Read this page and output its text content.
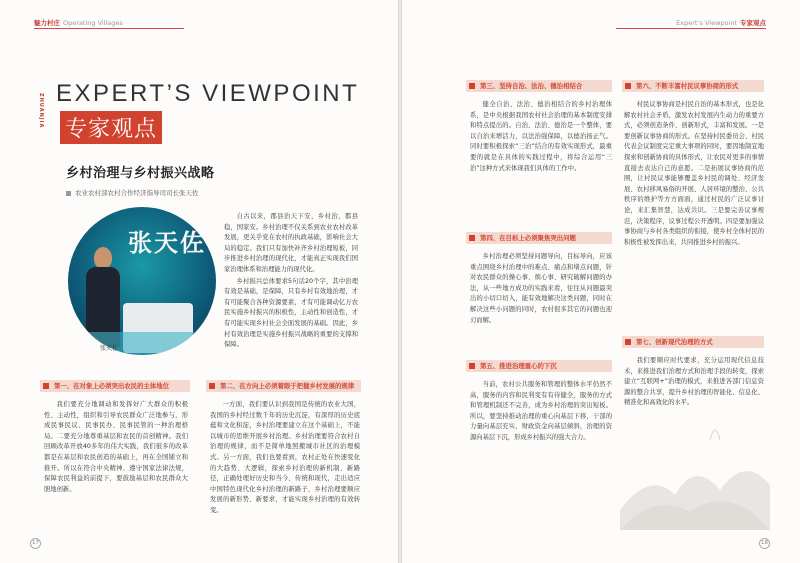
魅力村庄 Operating Villages	Expert’s Viewpoint 专家观点
ZHUANJIA EXPERT’S VIEWPOINT
专家观点
乡村治理与乡村振兴战略
农业农村部农村合作经济指导司司长张天佐
张天佐
张天佐

自古以来，郡县治天下安，乡村治，郡县稳，国家安。乡村治理不仅关系到农业农村改革发展，更关乎党在农村的执政基础，影响社会大局的稳定。我们只有加快补齐乡村治理短板，同步推进乡村治理的现代化，才能真正实现我们国家治理体系和治理能力的现代化。

乡村振兴总体要求5句话20个字，其中治理有效是基础，是保障，只有乡村有效地治理，才有可能聚合各种资源要素，才有可能调动亿万农民实施乡村振兴的积极性，主动性和创造性，才有可能实现乡村社会全面发展的基础。因此，乡村有效治理是实施乡村振兴战略的重要的支撑和保障。

第一、在对象上必须突出农民的主体地位

我们要充分地调动和发挥好广大群众的积极性、主动性，组织和引导农民群众广泛地参与，形成民事民议、民事民办、民事民管的一种治理格局。二要充分地尊重基层和农民的首创精神。我们回顾改革开放40多年的伟大实践，我们很多的改革都是在基层和农民创造的基础上，再在全国铺立和推开。所以在符合中央精神、遵守国家法律法规，保障农民利益的前提下，要鼓励基层和农民群众大胆地创新。

第二、在方向上必须着眼于把握乡村发展的规律

一方面，我们要认识到我国是传统的农业大国，我国的乡村经过数千年的历史沉淀，有深厚的历史底蕴和文化积淀，乡村治理要建立在这个基础上，不能以城市的思维开展乡村治理。乡村治理要符合农村自治理的规律，而不是简单地照搬城市社区的治理模式。另一方面，我们也要看到，农村正处在快速变化的大趋势、大逻辑，探索乡村治理的新机制、新路径，正确处理好历史和当今、传统和现代，走出适应中国特色现代化乡村治理的新路子，乡村治理要顺应发展的新形势、新要求，才能实现乡村治理的有效转变。

第三、坚持自治、法治、德治相结合

健全自治、法治、德治相结合的乡村治理体系，是中央根据我国农村社会治理的基本制度安排和特点提出的。自治、法治、德治是一个整体，要以自治来增活力，以法治强保障，以德治扬正气。同时要积极探索“三治”结合的有效实现形式，最重要的就是在具体的实践过程中，将综合运用“三治”这种方式来体现我们具体的工作中。

第四、在目标上必须聚焦突出问题

乡村治理必须坚持问题导向，目标导向，应该重点围绕乡村治理中的难点、痛点和堵点问题，针对农民群众的操心事、烦心事、研究破解问题的办法，从一些地方成功的实践来看，往往从问题最突出的小切口切入，能有效地解决这类问题，同时在解决这些小问题的同时，农村很多其它的问题也迎刃而解。

第五、推进治理重心的下沉

当前，农村公共服务和管理的整体水平仍然不高，服务的内容和民利变有有待健全，服务的方式和管理机制还不完善，成为乡村治理的突出短板。所以，要坚持推动治理的重心向基层下移，干部的力量向基层充实，财政资金向基层倾斜，治理的资源向基层下沉，形成乡村振兴的强大合力。

第六、不断丰富村民议事协商的形式

村民议事协商是村民自治的基本形式，也是化解农村社会矛盾，激发农村发展内生动力的重要方式，必须创造条件、创新形式，丰富和发展。一是要创新议事协商的形式。在坚持村民委员会、村民代表会议制度完定重大事项的同时，要因地制宜地探索和创新协商的具体形式，让农民对更多的事情直接去表达自己的意愿。二是拓展议事协商的范围，让村民议事能够覆盖乡村民的调处、经济发展、农村移风易俗的开展、人居环境的整治、公共秩序的维护等方方面面，通过村民的广泛议事讨论，来汇集智慧，达成共识。三是要完善议事规范，决策程序，议事过程公开透明。四是要加强议事协商与乡村各类组织的衔接，使乡村全体村民的积极性被发挥出来，共同推进乡村的振兴。

第七、创新现代治理的方式

我们要顺应时代要求，充分运用现代信息技术，来推进我们治理方式和治理手段的转变，探索建立“互联网+”治理的模式，来推进各部门信息资源的整合共享，提升乡村治理的智能化、信息化、精准化和高效化的水平。

17	18
